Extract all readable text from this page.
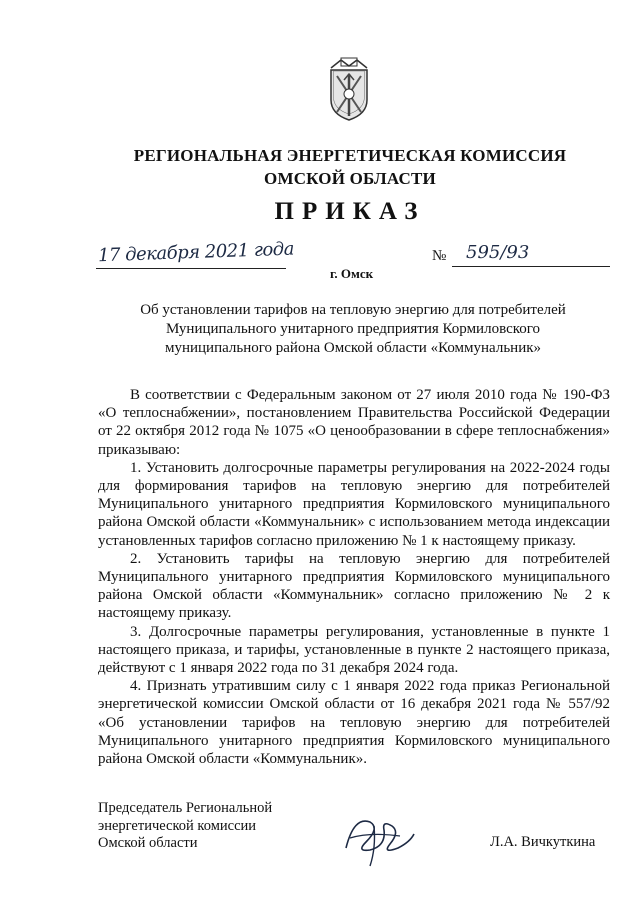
РЕГИОНАЛЬНАЯ ЭНЕРГЕТИЧЕСКАЯ КОМИССИЯ
ОМСКОЙ ОБЛАСТИ
ПРИКАЗ
17 декабря 2021 года	№ 595/93
г. Омск
Об установлении тарифов на тепловую энергию для потребителей
Муниципального унитарного предприятия Кормиловского
муниципального района Омской области «Коммунальник»

В соответствии с Федеральным законом от 27 июля 2010 года № 190-ФЗ «О теплоснабжении», постановлением Правительства Российской Федерации от 22 октября 2012 года № 1075 «О ценообразовании в сфере теплоснабжения» приказываю:

1. Установить долгосрочные параметры регулирования на 2022-2024 годы для формирования тарифов на тепловую энергию для потребителей Муниципального унитарного предприятия Кормиловского муниципального района Омской области «Коммунальник» с использованием метода индексации установленных тарифов согласно приложению № 1 к настоящему приказу.

2. Установить тарифы на тепловую энергию для потребителей Муниципального унитарного предприятия Кормиловского муниципального района Омской области «Коммунальник» согласно приложению № 2 к настоящему приказу.

3. Долгосрочные параметры регулирования, установленные в пункте 1 настоящего приказа, и тарифы, установленные в пункте 2 настоящего приказа, действуют с 1 января 2022 года по 31 декабря 2024 года.

4. Признать утратившим силу с 1 января 2022 года приказ Региональной энергетической комиссии Омской области от 16 декабря 2021 года № 557/92 «Об установлении тарифов на тепловую энергию для потребителей Муниципального унитарного предприятия Кормиловского муниципального района Омской области «Коммунальник».

Председатель Региональной
энергетической комиссии
Омской области	Л.А. Вичкуткина
